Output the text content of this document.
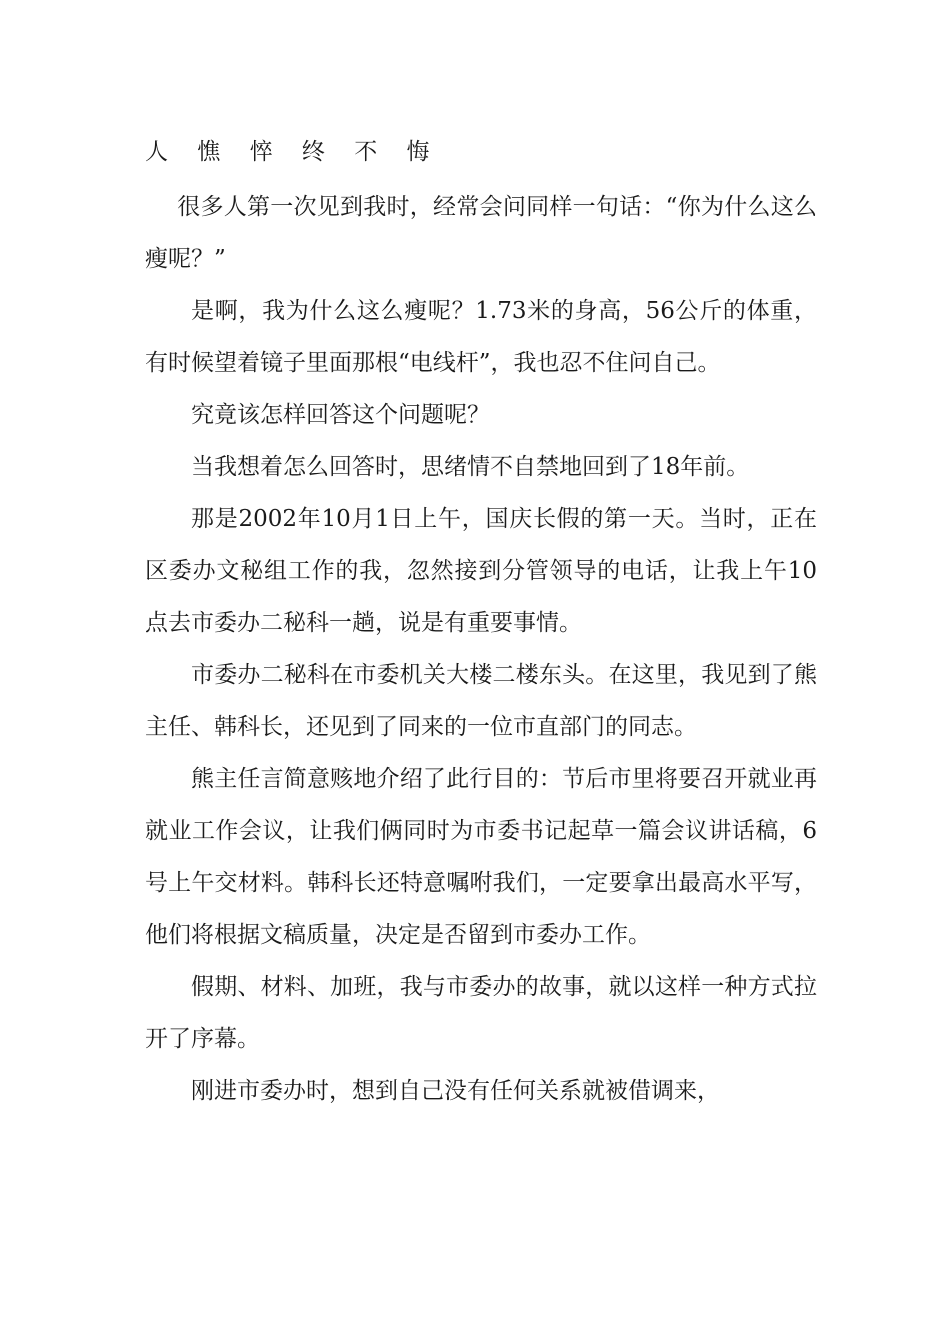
人 憔 悴 终 不 悔

很多人第一次见到我时，经常会问同样一句话：“你为什么这么瘦呢？”

是啊，我为什么这么瘦呢？1.73米的身高，56公斤的体重，有时候望着镜子里面那根“电线杆”，我也忍不住问自己。

究竟该怎样回答这个问题呢？

当我想着怎么回答时，思绪情不自禁地回到了18年前。

那是2002年10月1日上午，国庆长假的第一天。当时，正在区委办文秘组工作的我，忽然接到分管领导的电话，让我上午10点去市委办二秘科一趟，说是有重要事情。

市委办二秘科在市委机关大楼二楼东头。在这里，我见到了熊主任、韩科长，还见到了同来的一位市直部门的同志。

熊主任言简意赅地介绍了此行目的：节后市里将要召开就业再就业工作会议，让我们俩同时为市委书记起草一篇会议讲话稿，6号上午交材料。韩科长还特意嘱咐我们，一定要拿出最高水平写，他们将根据文稿质量，决定是否留到市委办工作。

假期、材料、加班，我与市委办的故事，就以这样一种方式拉开了序幕。

刚进市委办时，想到自己没有任何关系就被借调来，
